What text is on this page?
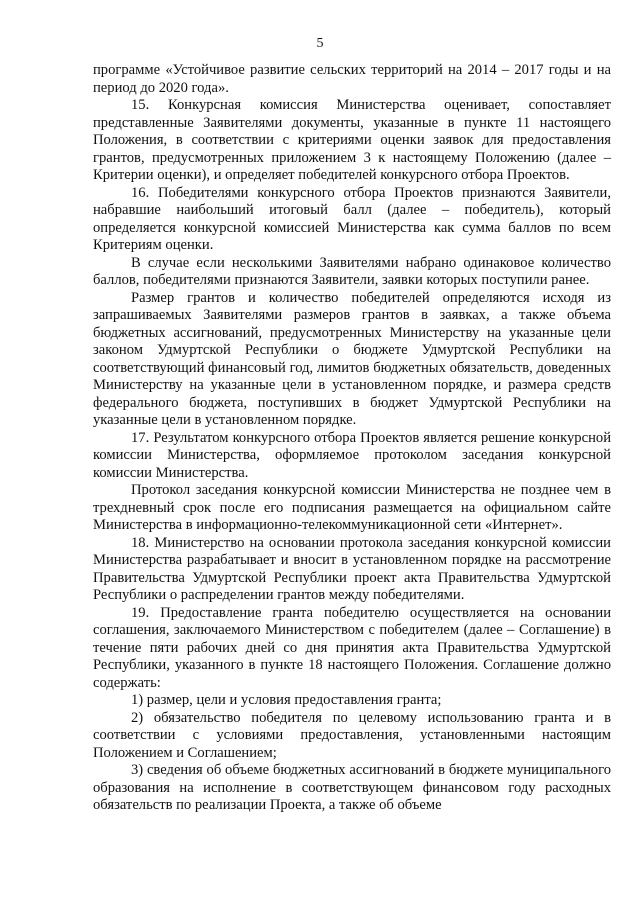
5

программе «Устойчивое развитие сельских территорий на 2014 – 2017 годы и на период до 2020 года».

15. Конкурсная комиссия Министерства оценивает, сопоставляет представленные Заявителями документы, указанные в пункте 11 настоящего Положения, в соответствии с критериями оценки заявок для предоставления грантов, предусмотренных приложением 3 к настоящему Положению (далее – Критерии оценки), и определяет победителей конкурсного отбора Проектов.

16. Победителями конкурсного отбора Проектов признаются Заявители, набравшие наибольший итоговый балл (далее – победитель), который определяется конкурсной комиссией Министерства как сумма баллов по всем Критериям оценки.

В случае если несколькими Заявителями набрано одинаковое количество баллов, победителями признаются Заявители, заявки которых поступили ранее.

Размер грантов и количество победителей определяются исходя из запрашиваемых Заявителями размеров грантов в заявках, а также объема бюджетных ассигнований, предусмотренных Министерству на указанные цели законом Удмуртской Республики о бюджете Удмуртской Республики на соответствующий финансовый год, лимитов бюджетных обязательств, доведенных Министерству на указанные цели в установленном порядке, и размера средств федерального бюджета, поступивших в бюджет Удмуртской Республики на указанные цели в установленном порядке.

17. Результатом конкурсного отбора Проектов является решение конкурсной комиссии Министерства, оформляемое протоколом заседания конкурсной комиссии Министерства.

Протокол заседания конкурсной комиссии Министерства не позднее чем в трехдневный срок после его подписания размещается на официальном сайте Министерства в информационно-телекоммуникационной сети «Интернет».

18. Министерство на основании протокола заседания конкурсной комиссии Министерства разрабатывает и вносит в установленном порядке на рассмотрение Правительства Удмуртской Республики проект акта Правительства Удмуртской Республики о распределении грантов между победителями.

19. Предоставление гранта победителю осуществляется на основании соглашения, заключаемого Министерством с победителем (далее – Соглашение) в течение пяти рабочих дней со дня принятия акта Правительства Удмуртской Республики, указанного в пункте 18 настоящего Положения. Соглашение должно содержать:

1) размер, цели и условия предоставления гранта;

2) обязательство победителя по целевому использованию гранта и в соответствии с условиями предоставления, установленными настоящим Положением и Соглашением;

3) сведения об объеме бюджетных ассигнований в бюджете муниципального образования на исполнение в соответствующем финансовом году расходных обязательств по реализации Проекта, а также об объеме
